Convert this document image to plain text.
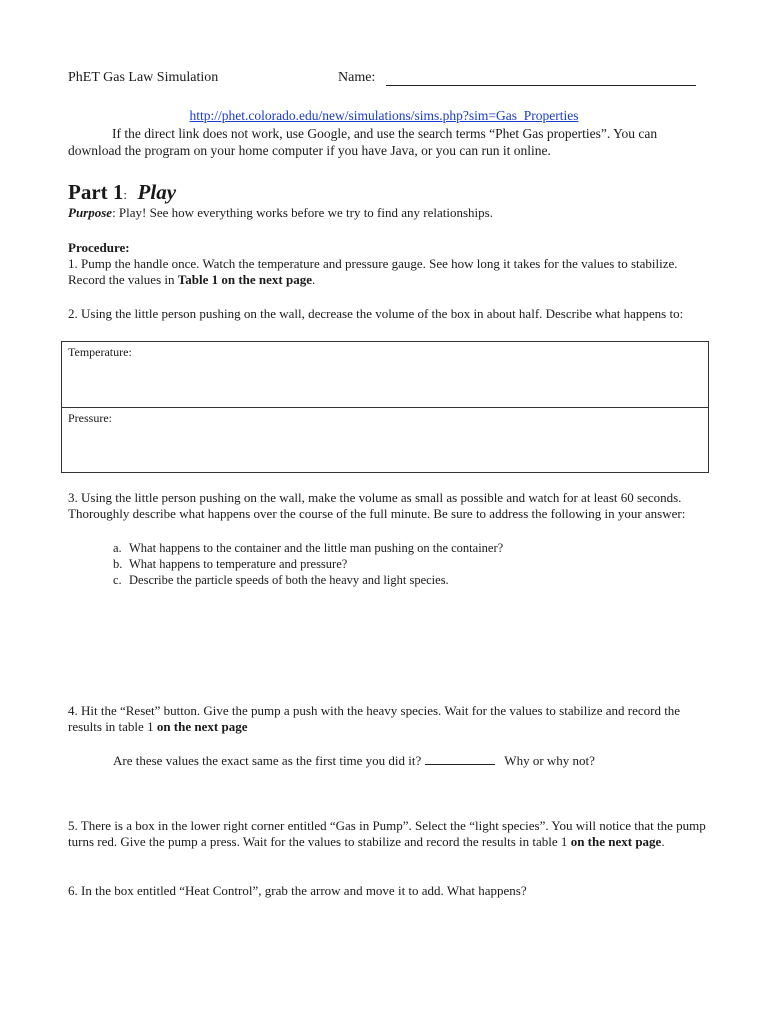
PhET Gas Law Simulation	Name:
http://phet.colorado.edu/new/simulations/sims.php?sim=Gas_Properties
If the direct link does not work, use Google, and use the search terms “Phet Gas properties”. You can download the program on your home computer if you have Java, or you can run it online.
Part 1: Play
Purpose: Play! See how everything works before we try to find any relationships.
Procedure:
1. Pump the handle once. Watch the temperature and pressure gauge. See how long it takes for the values to stabilize. Record the values in Table 1 on the next page.
2. Using the little person pushing on the wall, decrease the volume of the box in about half. Describe what happens to:
Temperature:
Pressure:
3. Using the little person pushing on the wall, make the volume as small as possible and watch for at least 60 seconds. Thoroughly describe what happens over the course of the full minute. Be sure to address the following in your answer:
a. What happens to the container and the little man pushing on the container?
b. What happens to temperature and pressure?
c. Describe the particle speeds of both the heavy and light species.
4. Hit the “Reset” button. Give the pump a push with the heavy species. Wait for the values to stabilize and record the results in table 1 on the next page
Are these values the exact same as the first time you did it?	Why or why not?
5. There is a box in the lower right corner entitled “Gas in Pump”. Select the “light species”. You will notice that the pump turns red. Give the pump a press. Wait for the values to stabilize and record the results in table 1 on the next page.
6. In the box entitled “Heat Control”, grab the arrow and move it to add. What happens?
